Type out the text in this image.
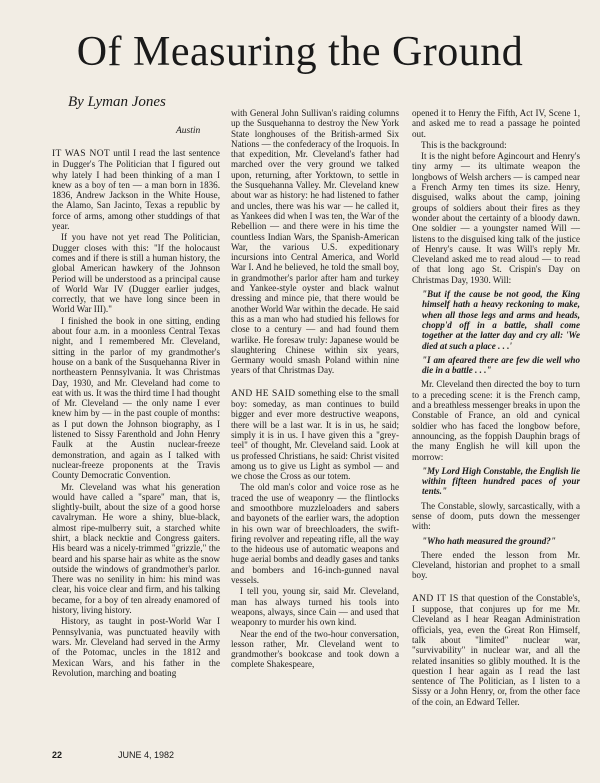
Of Measuring the Ground
By Lyman Jones
Austin

IT WAS NOT until I read the last sentence in Dugger's The Politician that I figured out why lately I had been thinking of a man I knew as a boy of ten — a man born in 1836. 1836, Andrew Jackson in the White House, the Alamo, San Jacinto, Texas a republic by force of arms, among other studdings of that year.

If you have not yet read The Politician, Dugger closes with this: "If the holocaust comes and if there is still a human history, the global American hawkery of the Johnson Period will be understood as a principal cause of World War IV (Dugger earlier judges, correctly, that we have long since been in World War III)."

I finished the book in one sitting, ending about four a.m. in a moonless Central Texas night, and I remembered Mr. Cleveland, sitting in the parlor of my grandmother's house on a bank of the Susquehanna River in northeastern Pennsylvania. It was Christmas Day, 1930, and Mr. Cleveland had come to eat with us. It was the third time I had thought of Mr. Cleveland — the only name I ever knew him by — in the past couple of months: as I put down the Johnson biography, as I listened to Sissy Farenthold and John Henry Faulk at the Austin nuclear-freeze demonstration, and again as I talked with nuclear-freeze proponents at the Travis County Democratic Convention.

Mr. Cleveland was what his generation would have called a "spare" man, that is, slightly-built, about the size of a good horse cavalryman. He wore a shiny, blue-black, almost ripe-mulberry suit, a starched white shirt, a black necktie and Congress gaiters. His beard was a nicely-trimmed "grizzle," the beard and his sparse hair as white as the snow outside the windows of grandmother's parlor. There was no senility in him: his mind was clear, his voice clear and firm, and his talking became, for a boy of ten already enamored of history, living history.

History, as taught in post-World War I Pennsylvania, was punctuated heavily with wars. Mr. Cleveland had served in the Army of the Potomac, uncles in the 1812 and Mexican Wars, and his father in the Revolution, marching and boating

with General John Sullivan's raiding columns up the Susquehanna to destroy the New York State longhouses of the British-armed Six Nations — the confederacy of the Iroquois. In that expedition, Mr. Cleveland's father had marched over the very ground we talked upon, returning, after Yorktown, to settle in the Susquehanna Valley. Mr. Cleveland knew about war as history: he had listened to father and uncles, there was his war — he called it, as Yankees did when I was ten, the War of the Rebellion — and there were in his time the countless Indian Wars, the Spanish-American War, the various U.S. expeditionary incursions into Central America, and World War I. And he believed, he told the small boy, in grandmother's parlor after ham and turkey and Yankee-style oyster and black walnut dressing and mince pie, that there would be another World War within the decade. He said this as a man who had studied his fellows for close to a century — and had found them warlike. He foresaw truly: Japanese would be slaughtering Chinese within six years, Germany would smash Poland within nine years of that Christmas Day.

AND HE SAID something else to the small boy: someday, as man continues to build bigger and ever more destructive weapons, there will be a last war. It is in us, he said; simply it is in us. I have given this a "grey-teel" of thought, Mr. Cleveland said. Look at us professed Christians, he said: Christ visited among us to give us Light as symbol — and we chose the Cross as our totem.

The old man's color and voice rose as he traced the use of weaponry — the flintlocks and smoothbore muzzleloaders and sabers and bayonets of the earlier wars, the adoption in his own war of breechloaders, the swift-firing revolver and repeating rifle, all the way to the hideous use of automatic weapons and huge aerial bombs and deadly gases and tanks and bombers and 16-inch-gunned naval vessels.

I tell you, young sir, said Mr. Cleveland, man has always turned his tools into weapons, always, since Cain — and used that weaponry to murder his own kind.

Near the end of the two-hour conversation, lesson rather, Mr. Cleveland went to grandmother's bookcase and took down a complete Shakespeare,

opened it to Henry the Fifth, Act IV, Scene 1, and asked me to read a passage he pointed out.

This is the background:

It is the night before Agincourt and Henry's tiny army — its ultimate weapon the longbows of Welsh archers — is camped near a French Army ten times its size. Henry, disguised, walks about the camp, joining groups of soldiers about their fires as they wonder about the certainty of a bloody dawn. One soldier — a youngster named Will — listens to the disguised king talk of the justice of Henry's cause. It was Will's reply Mr. Cleveland asked me to read aloud — to read of that long ago St. Crispin's Day on Christmas Day, 1930. Will:

"But if the cause be not good, the King himself hath a heavy reckoning to make, when all those legs and arms and heads, chopp'd off in a battle, shall come together at the latter day and cry all: 'We died at such a place . . .'

"I am afeared there are few die well who die in a battle . . ."

Mr. Cleveland then directed the boy to turn to a preceding scene: it is the French camp, and a breathless messenger breaks in upon the Constable of France, an old and cynical soldier who has faced the longbow before, announcing, as the foppish Dauphin brags of the many English he will kill upon the morrow:

"My Lord High Constable, the English lie within fifteen hundred paces of your tents."

The Constable, slowly, sarcastically, with a sense of doom, puts down the messenger with:

"Who hath measured the ground?"

There ended the lesson from Mr. Cleveland, historian and prophet to a small boy.

AND IT IS that question of the Constable's, I suppose, that conjures up for me Mr. Cleveland as I hear Reagan Administration officials, yea, even the Great Ron Himself, talk about "limited" nuclear war, "survivability" in nuclear war, and all the related insanities so glibly mouthed. It is the question I hear again as I read the last sentence of The Politician, as I listen to a Sissy or a John Henry, or, from the other face of the coin, an Edward Teller.

22	JUNE 4, 1982
